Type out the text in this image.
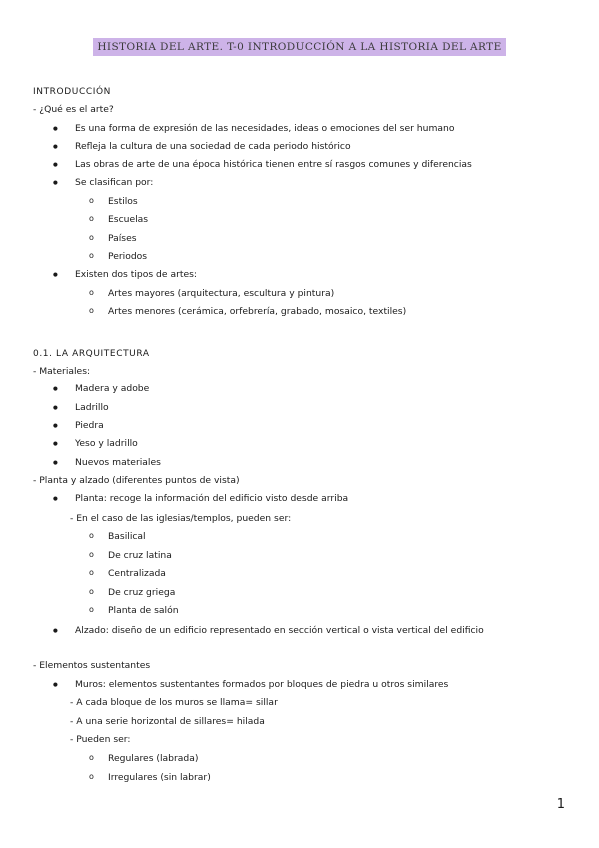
HISTORIA DEL ARTE. T-0 INTRODUCCIÓN A LA HISTORIA DEL ARTE
INTRODUCCIÓN
- ¿Qué es el arte?
● Es una forma de expresión de las necesidades, ideas o emociones del ser humano
● Refleja la cultura de una sociedad de cada periodo histórico
● Las obras de arte de una época histórica tienen entre sí rasgos comunes y diferencias
● Se clasifican por:
o Estilos
o Escuelas
o Países
o Periodos
● Existen dos tipos de artes:
o Artes mayores (arquitectura, escultura y pintura)
o Artes menores (cerámica, orfebrería, grabado, mosaico, textiles)
0.1. LA ARQUITECTURA
- Materiales:
● Madera y adobe
● Ladrillo
● Piedra
● Yeso y ladrillo
● Nuevos materiales
- Planta y alzado (diferentes puntos de vista)
● Planta: recoge la información del edificio visto desde arriba
- En el caso de las iglesias/templos, pueden ser:
o Basilical
o De cruz latina
o Centralizada
o De cruz griega
o Planta de salón
● Alzado: diseño de un edificio representado en sección vertical o vista vertical del edificio
- Elementos sustentantes
● Muros: elementos sustentantes formados por bloques de piedra u otros similares
- A cada bloque de los muros se llama= sillar
- A una serie horizontal de sillares= hilada
- Pueden ser:
o Regulares (labrada)
o Irregulares (sin labrar)
1
